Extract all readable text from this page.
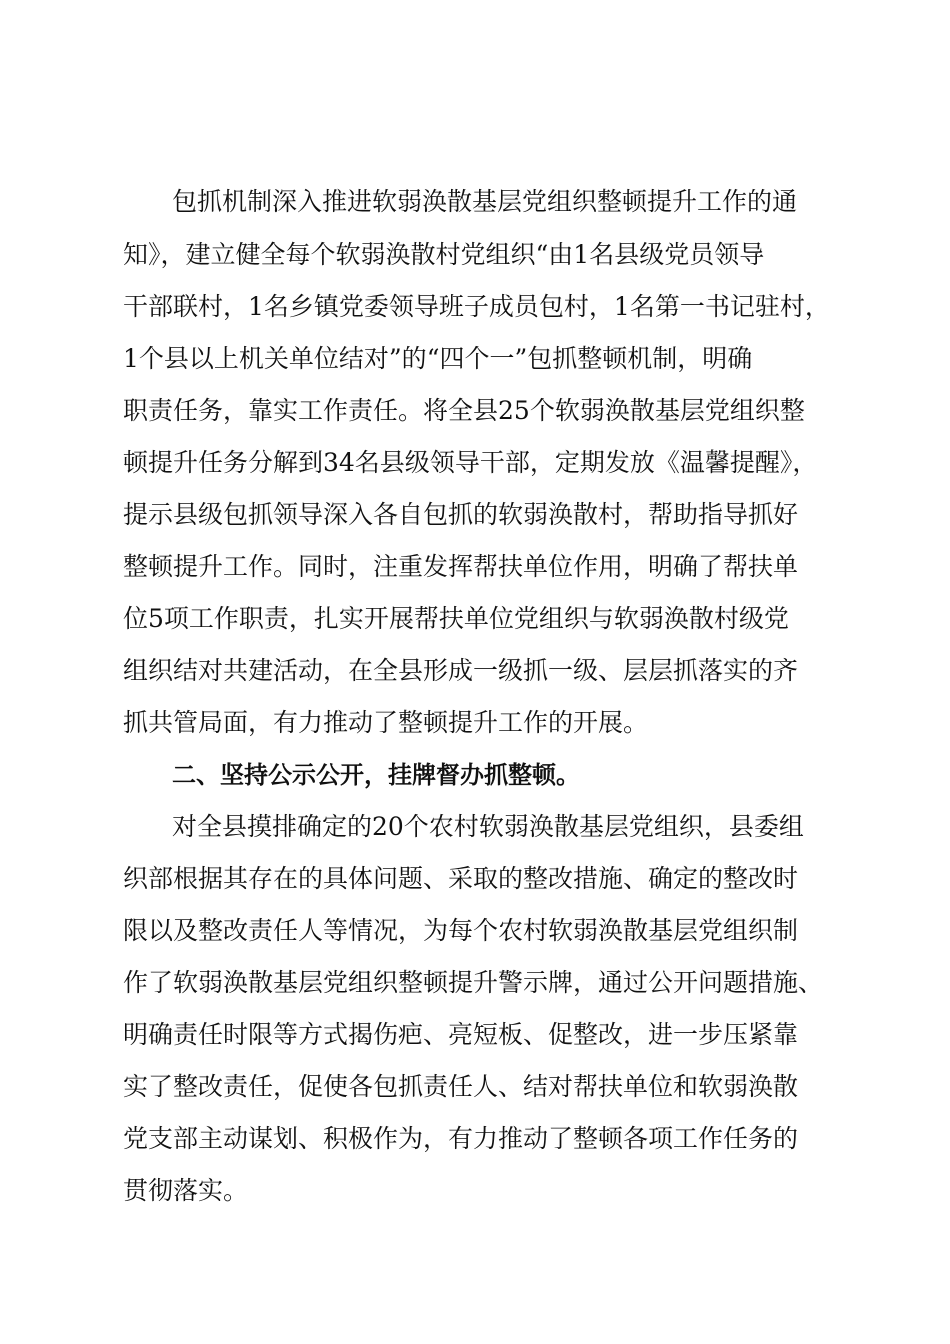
包抓机制深入推进软弱涣散基层党组织整顿提升工作的通
知》，建立健全每个软弱涣散村党组织“由1名县级党员领导
干部联村，1名乡镇党委领导班子成员包村，1名第一书记驻村，
1个县以上机关单位结对”的“四个一”包抓整顿机制，明确
职责任务，靠实工作责任。将全县25个软弱涣散基层党组织整
顿提升任务分解到34名县级领导干部，定期发放《温馨提醒》，
提示县级包抓领导深入各自包抓的软弱涣散村，帮助指导抓好
整顿提升工作。同时，注重发挥帮扶单位作用，明确了帮扶单
位5项工作职责，扎实开展帮扶单位党组织与软弱涣散村级党
组织结对共建活动，在全县形成一级抓一级、层层抓落实的齐
抓共管局面，有力推动了整顿提升工作的开展。
二、坚持公示公开，挂牌督办抓整顿。
对全县摸排确定的20个农村软弱涣散基层党组织，县委组
织部根据其存在的具体问题、采取的整改措施、确定的整改时
限以及整改责任人等情况，为每个农村软弱涣散基层党组织制
作了软弱涣散基层党组织整顿提升警示牌，通过公开问题措施、
明确责任时限等方式揭伤疤、亮短板、促整改，进一步压紧靠
实了整改责任，促使各包抓责任人、结对帮扶单位和软弱涣散
党支部主动谋划、积极作为，有力推动了整顿各项工作任务的
贯彻落实。
